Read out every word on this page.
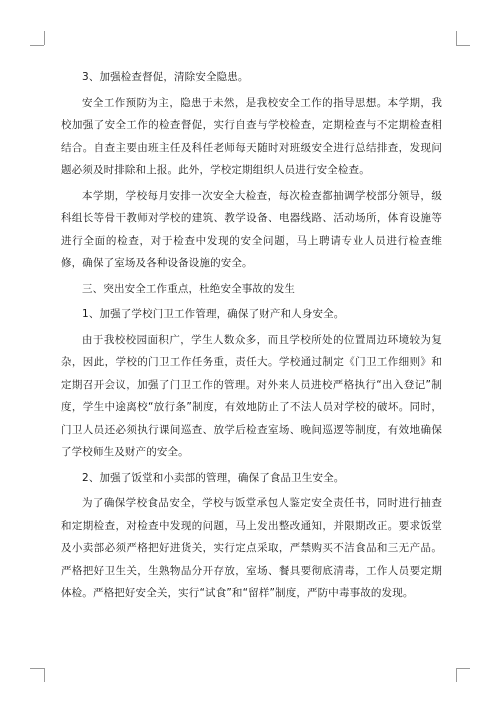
3、加强检查督促，清除安全隐患。

安全工作预防为主，隐患于未然，是我校安全工作的指导思想。本学期，我校加强了安全工作的检查督促，实行自查与学校检查，定期检查与不定期检查相结合。自查主要由班主任及科任老师每天随时对班级安全进行总结排查，发现问题必须及时排除和上报。此外，学校定期组织人员进行安全检查。

本学期，学校每月安排一次安全大检查，每次检查都抽调学校部分领导，级科组长等骨干教师对学校的建筑、教学设备、电器线路、活动场所，体育设施等进行全面的检查，对于检查中发现的安全问题，马上聘请专业人员进行检查维修，确保了室场及各种设备设施的安全。

三、突出安全工作重点，杜绝安全事故的发生

1、加强了学校门卫工作管理，确保了财产和人身安全。

由于我校校园面积广，学生人数众多，而且学校所处的位置周边环境较为复杂，因此，学校的门卫工作任务重，责任大。学校通过制定《门卫工作细则》和定期召开会议，加强了门卫工作的管理。对外来人员进校严格执行“出入登记”制度，学生中途离校“放行条”制度，有效地防止了不法人员对学校的破坏。同时，门卫人员还必须执行课间巡查、放学后检查室场、晚间巡逻等制度，有效地确保了学校师生及财产的安全。

2、加强了饭堂和小卖部的管理，确保了食品卫生安全。

为了确保学校食品安全，学校与饭堂承包人鉴定安全责任书，同时进行抽查和定期检查，对检查中发现的问题，马上发出整改通知，并限期改正。要求饭堂及小卖部必须严格把好进货关，实行定点采取，严禁购买不洁食品和三无产品。严格把好卫生关，生熟物品分开存放，室场、餐具要彻底清毒，工作人员要定期体检。严格把好安全关，实行“试食”和“留样”制度，严防中毒事故的发现。
